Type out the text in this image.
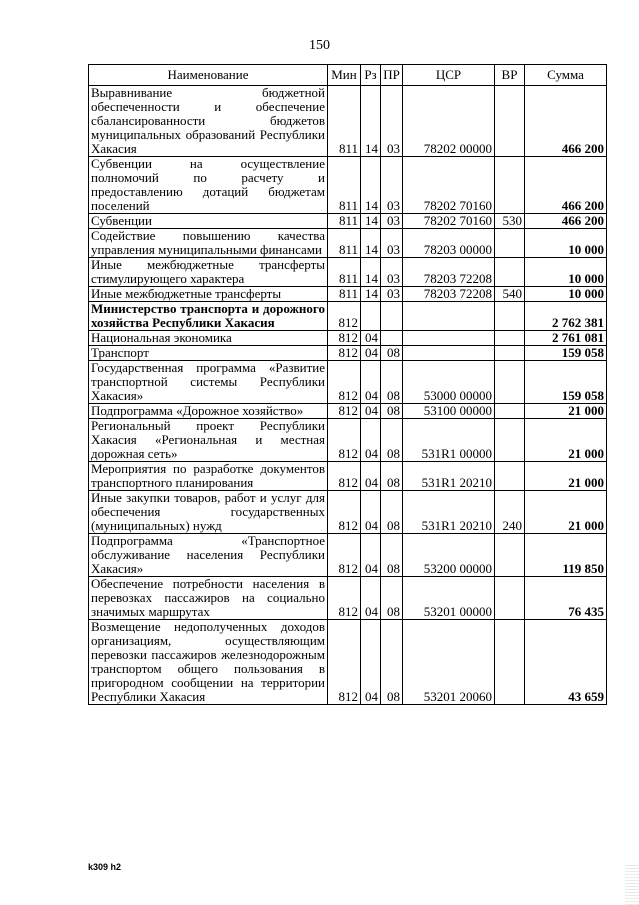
150
Наименование	Мин	Рз	ПР	ЦСР	ВР	Сумма
Выравнивание бюджетной обеспеченности и обеспечение сбалансированности бюджетов муниципальных образований Республики Хакасия	811	14	03	78202 00000		466 200
Субвенции на осуществление полномочий по расчету и предоставлению дотаций бюджетам поселений	811	14	03	78202 70160		466 200
Субвенции	811	14	03	78202 70160	530	466 200
Содействие повышению качества управления муниципальными финансами	811	14	03	78203 00000		10 000
Иные межбюджетные трансферты стимулирующего характера	811	14	03	78203 72208		10 000
Иные межбюджетные трансферты	811	14	03	78203 72208	540	10 000
Министерство транспорта и дорожного хозяйства Республики Хакасия	812					2 762 381
Национальная экономика	812	04				2 761 081
Транспорт	812	04	08			159 058
Государственная программа «Развитие транспортной системы Республики Хакасия»	812	04	08	53000 00000		159 058
Подпрограмма «Дорожное хозяйство»	812	04	08	53100 00000		21 000
Региональный проект Республики Хакасия «Региональная и местная дорожная сеть»	812	04	08	531R1 00000		21 000
Мероприятия по разработке документов транспортного планирования	812	04	08	531R1 20210		21 000
Иные закупки товаров, работ и услуг для обеспечения государственных (муниципальных) нужд	812	04	08	531R1 20210	240	21 000
Подпрограмма «Транспортное обслуживание населения Республики Хакасия»	812	04	08	53200 00000		119 850
Обеспечение потребности населения в перевозках пассажиров на социально значимых маршрутах	812	04	08	53201 00000		76 435
Возмещение недополученных доходов организациям, осуществляющим перевозки пассажиров железнодорожным транспортом общего пользования в пригородном сообщении на территории Республики Хакасия	812	04	08	53201 20060		43 659
k309 h2
